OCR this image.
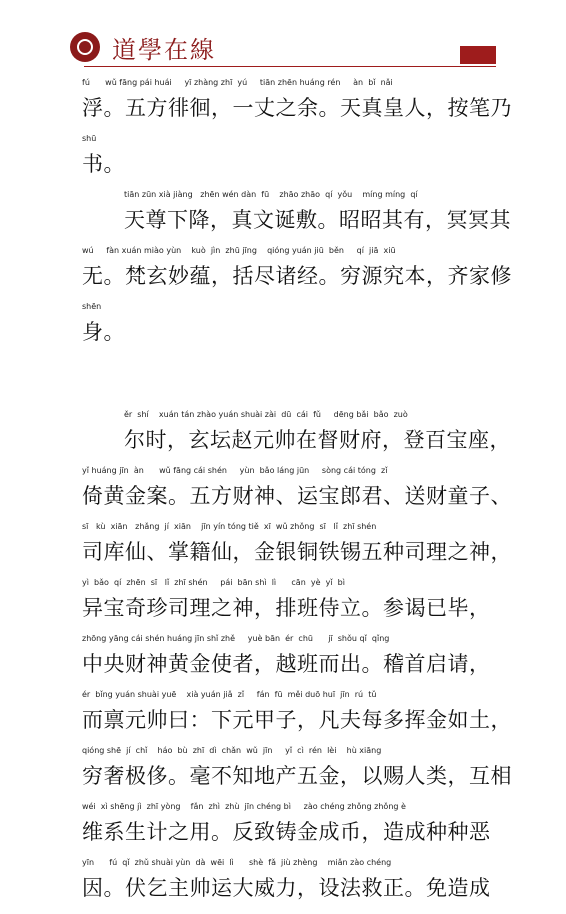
道學在線
fú      wǔ fāng pái huái     yī zhàng zhī  yú     tiān zhēn huáng rén     àn  bǐ  nǎi
浮。五方徘徊，一丈之余。天真皇人，按笔乃
shū
书。
tiān zūn xià jiàng   zhēn wén dàn  fū    zhāo zhāo  qí  yǒu    míng míng  qí
天尊下降，真文诞敷。昭昭其有，冥冥其
wú     fàn xuán miào yùn    kuò  jìn  zhū jīng    qióng yuán jiū  běn     qí  jiā  xiū
无。梵玄妙蕴，括尽诸经。穷源究本，齐家修
shēn
身。
ěr  shí    xuán tán zhào yuán shuài zài  dū  cái  fǔ     dēng bǎi  bǎo  zuò
尔时，玄坛赵元帅在督财府，登百宝座，
yǐ huáng jīn  àn      wǔ fāng cái shén     yùn  bǎo láng jūn     sòng cái tóng  zǐ
倚黄金案。五方财神、运宝郎君、送财童子、
sī   kù  xiān   zhǎng  jí  xiān    jīn yín tóng tiě  xī  wǔ zhǒng  sī   lǐ  zhī shén
司库仙、掌籍仙，金银铜铁锡五种司理之神，
yì  bǎo  qí  zhēn  sī   lǐ  zhī shén     pái  bān shì  lì      cān  yè  yǐ  bì
异宝奇珍司理之神，排班侍立。参谒已毕，
zhōng yāng cái shén huáng jīn shǐ zhě     yuè bān  ér  chū      jī  shǒu qǐ  qǐng
中央财神黄金使者，越班而出。稽首启请，
ér  bǐng yuán shuài yuē    xià yuán jiǎ  zǐ     fán  fū  měi duō huī  jīn  rú  tǔ
而禀元帅曰：下元甲子，凡夫每多挥金如土，
qióng shē  jí  chǐ    háo  bù  zhī  dì  chǎn  wǔ  jīn     yǐ  cì  rén  lèi    hù xiāng
穷奢极侈。毫不知地产五金，以赐人类，互相
wéi  xì shēng jì  zhī yòng    fǎn  zhì  zhù  jīn chéng bì     zào chéng zhǒng zhǒng è
维系生计之用。反致铸金成币，造成种种恶
yīn      fú  qǐ  zhǔ shuài yùn  dà  wēi  lì      shè  fǎ  jiù zhèng    miǎn zào chéng
因。伏乞主帅运大威力，设法救正。免造成
